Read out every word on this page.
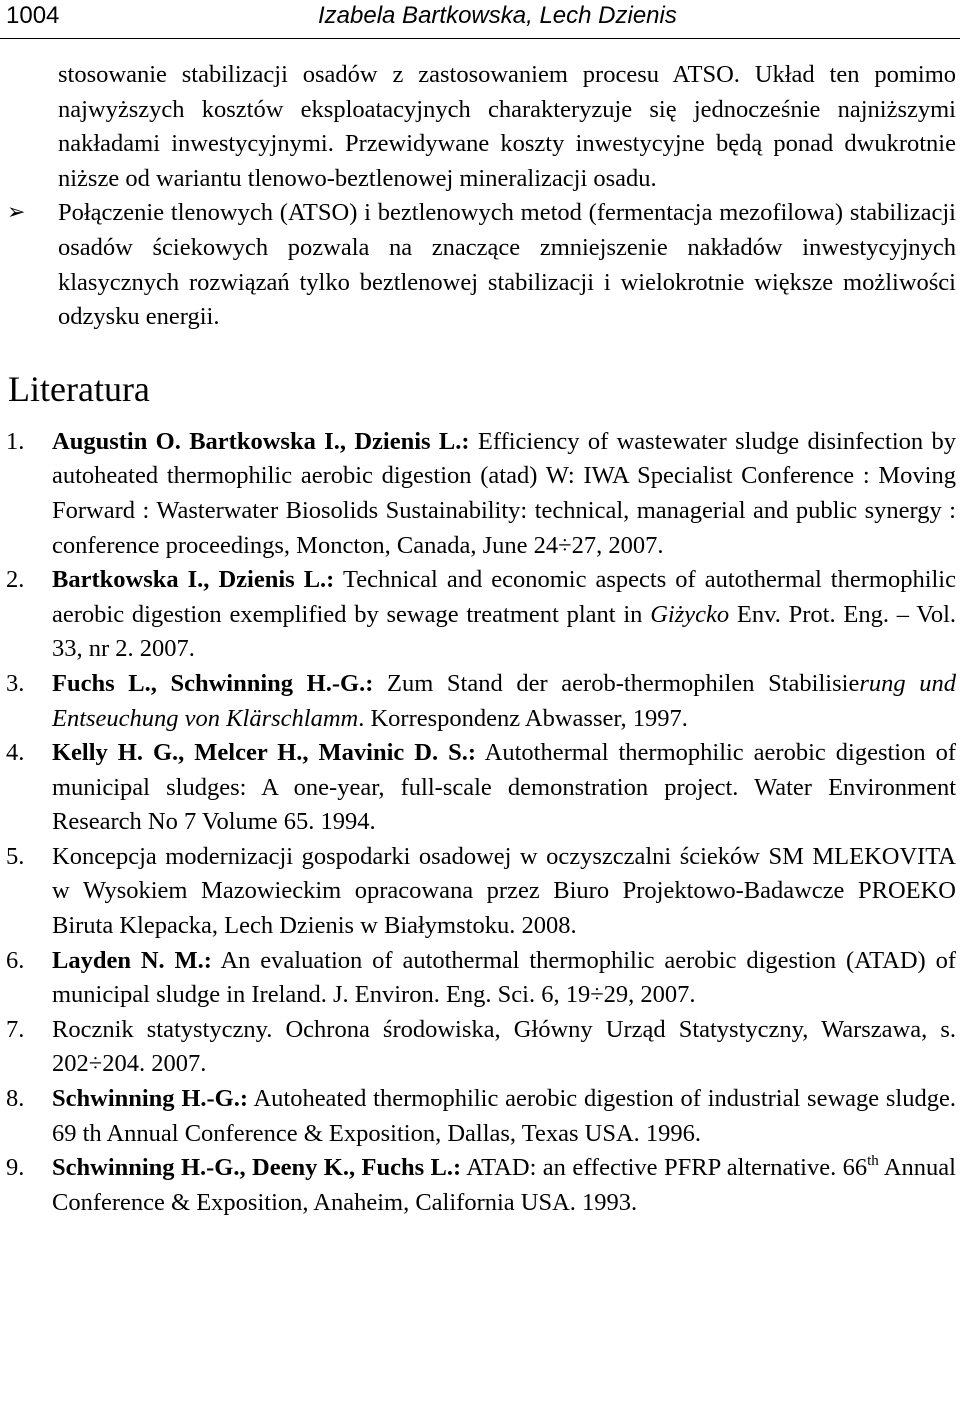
1004	Izabela Bartkowska, Lech Dzienis

stosowanie stabilizacji osadów z zastosowaniem procesu ATSO. Układ ten pomimo najwyższych kosztów eksploatacyjnych charakteryzuje się jednocześnie najniższymi nakładami inwestycyjnymi. Przewidywane koszty inwestycyjne będą ponad dwukrotnie niższe od wariantu tlenowo-beztlenowej mineralizacji osadu.

➢ Połączenie tlenowych (ATSO) i beztlenowych metod (fermentacja mezofilowa) stabilizacji osadów ściekowych pozwala na znaczące zmniejszenie nakładów inwestycyjnych klasycznych rozwiązań tylko beztlenowej stabilizacji i wielokrotnie większe możliwości odzysku energii.

Literatura
1. Augustin O. Bartkowska I., Dzienis L.: Efficiency of wastewater sludge disinfection by autoheated thermophilic aerobic digestion (atad) W: IWA Specialist Conference : Moving Forward : Wasterwater Biosolids Sustainability: technical, managerial and public synergy : conference proceedings, Moncton, Canada, June 24÷27, 2007.
2. Bartkowska I., Dzienis L.: Technical and economic aspects of autothermal thermophilic aerobic digestion exemplified by sewage treatment plant in Giżycko Env. Prot. Eng. – Vol. 33, nr 2. 2007.
3. Fuchs L., Schwinning H.-G.: Zum Stand der aerob-thermophilen Stabilisierung und Entseuchung von Klärschlamm. Korrespondenz Abwasser, 1997.
4. Kelly H. G., Melcer H., Mavinic D. S.: Autothermal thermophilic aerobic digestion of municipal sludges: A one-year, full-scale demonstration project. Water Environment Research No 7 Volume 65. 1994.
5. Koncepcja modernizacji gospodarki osadowej w oczyszczalni ścieków SM MLEKOVITA w Wysokiem Mazowieckim opracowana przez Biuro Projektowo-Badawcze PROEKO Biruta Klepacka, Lech Dzienis w Białymstoku. 2008.
6. Layden N. M.: An evaluation of autothermal thermophilic aerobic digestion (ATAD) of municipal sludge in Ireland. J. Environ. Eng. Sci. 6, 19÷29, 2007.
7. Rocznik statystyczny. Ochrona środowiska, Główny Urząd Statystyczny, Warszawa, s. 202÷204. 2007.
8. Schwinning H.-G.: Autoheated thermophilic aerobic digestion of industrial sewage sludge. 69 th Annual Conference & Exposition, Dallas, Texas USA. 1996.
9. Schwinning H.-G., Deeny K., Fuchs L.: ATAD: an effective PFRP alternative. 66th Annual Conference & Exposition, Anaheim, California USA. 1993.
